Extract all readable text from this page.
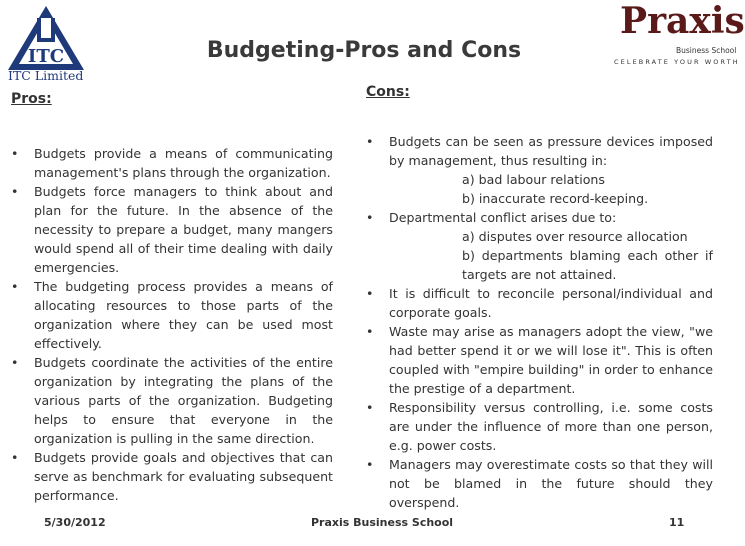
ITC
ITC Limited
Praxis
Business School
CELEBRATE YOUR WORTH
Budgeting-Pros and Cons
Pros:	Cons:
•	Budgets provide a means of communicating management's plans through the organization.
•	Budgets force managers to think about and plan for the future. In the absence of the necessity to prepare a budget, many mangers would spend all of their time dealing with daily emergencies.
•	The budgeting process provides a means of allocating resources to those parts of the organization where they can be used most effectively.
•	Budgets coordinate the activities of the entire organization by integrating the plans of the various parts of the organization. Budgeting helps to ensure that everyone in the organization is pulling in the same direction.
•	Budgets provide goals and objectives that can serve as benchmark for evaluating subsequent performance.
•	Budgets can be seen as pressure devices imposed by management, thus resulting in:
a) bad labour relations
b) inaccurate record-keeping.
•	Departmental conflict arises due to:
a) disputes over resource allocation
b) departments blaming each other if targets are not attained.
•	It is difficult to reconcile personal/individual and corporate goals.
•	Waste may arise as managers adopt the view, "we had better spend it or we will lose it". This is often coupled with "empire building" in order to enhance the prestige of a department.
•	Responsibility versus controlling, i.e. some costs are under the influence of more than one person, e.g. power costs.
•	Managers may overestimate costs so that they will not be blamed in the future should they overspend.
5/30/2012	Praxis Business School	11
